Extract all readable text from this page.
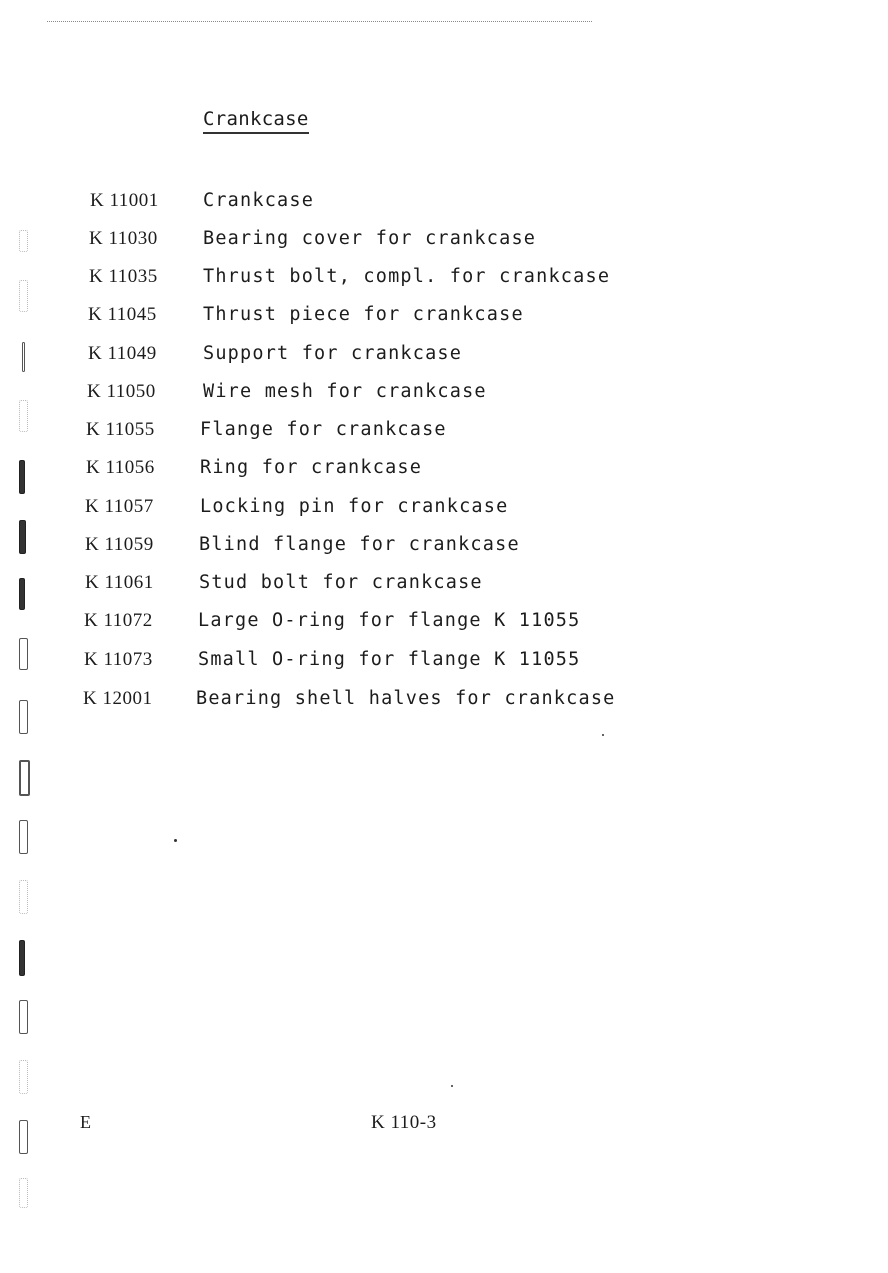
Crankcase
K 11001 Crankcase
K 11030 Bearing cover for crankcase
K 11035 Thrust bolt, compl. for crankcase
K 11045 Thrust piece for crankcase
K 11049 Support for crankcase
K 11050	Wire mesh for crankcase
K 11055 Flange for crankcase
K 11056 Ring for crankcase
K 11057 Locking pin for crankcase
K 11059 Blind flange for crankcase
K 11061 Stud bolt for crankcase
K 11072 Large O-ring for flange K 11055
K 11073 Small O-ring for flange K 11055
K 12001 Bearing shell halves for crankcase
E	K 110-3
